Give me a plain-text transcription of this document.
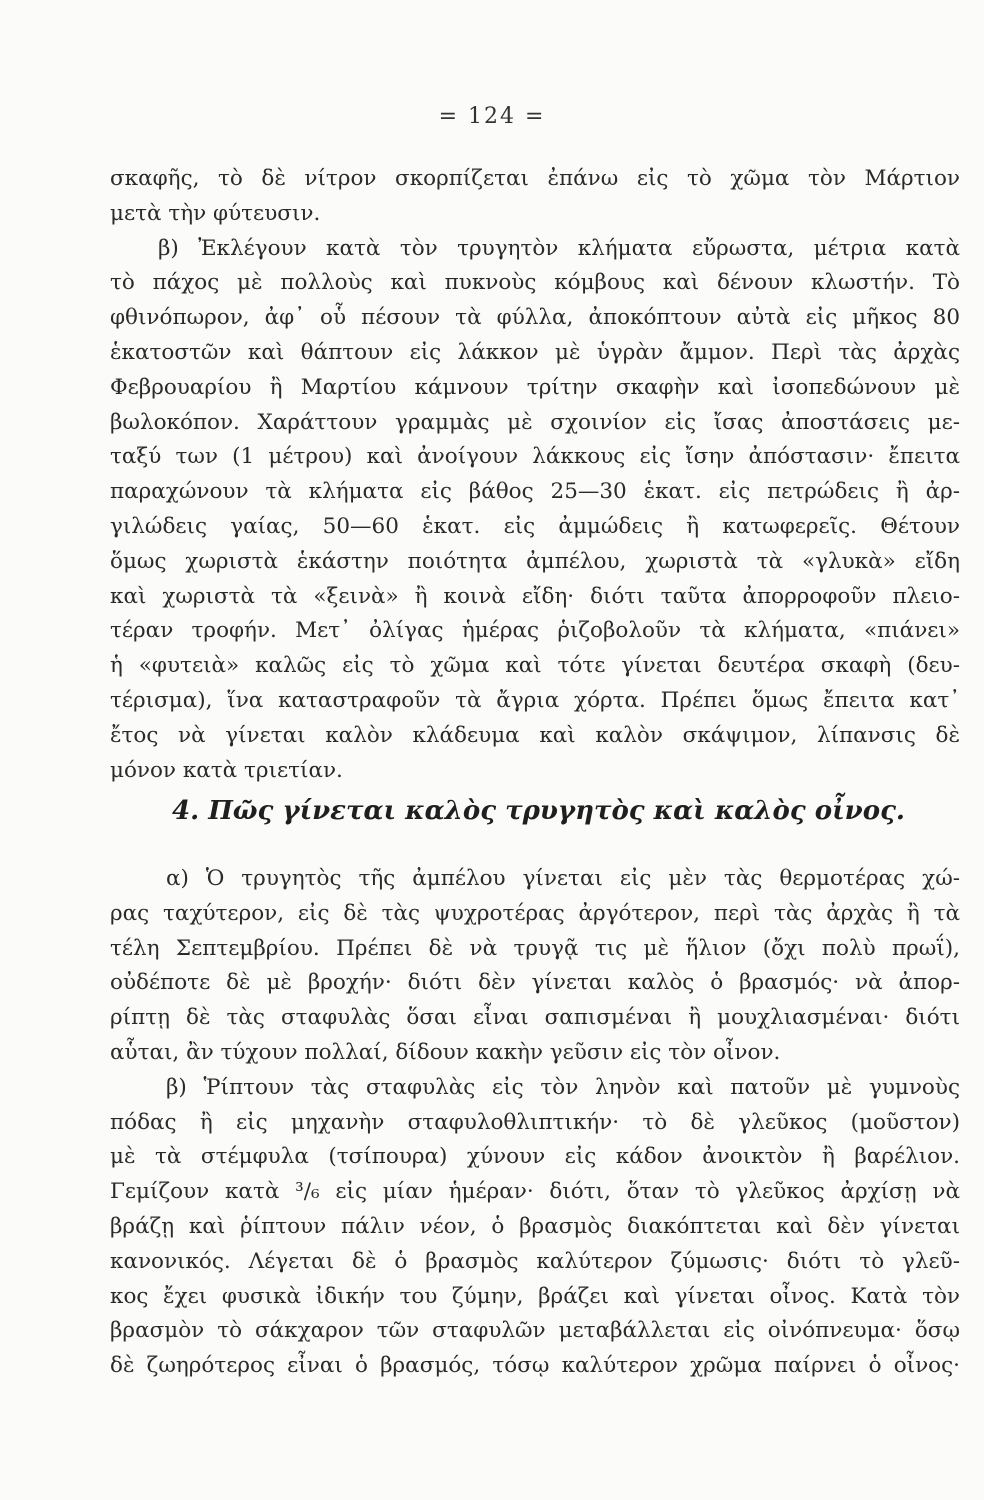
= 124 =
σκαφῆς, τὸ δὲ νίτρον σκορπίζεται ἐπάνω εἰς τὸ χῶμα τὸν Μάρτιον
μετὰ τὴν φύτευσιν.
β) Ἐκλέγουν κατὰ τὸν τρυγητὸν κλήματα εὔρωστα, μέτρια κατὰ
τὸ πάχος μὲ πολλοὺς καὶ πυκνοὺς κόμβους καὶ δένουν κλωστήν. Τὸ
φθινόπωρον, ἀφ᾽ οὗ πέσουν τὰ φύλλα, ἀποκόπτουν αὐτὰ εἰς μῆκος 80
ἑκατοστῶν καὶ θάπτουν εἰς λάκκον μὲ ὑγρὰν ἄμμον. Περὶ τὰς ἀρχὰς
Φεβρουαρίου ἢ Μαρτίου κάμνουν τρίτην σκαφὴν καὶ ἰσοπεδώνουν μὲ
βωλοκόπον. Χαράττουν γραμμὰς μὲ σχοινίον εἰς ἴσας ἀποστάσεις με-
ταξύ των (1 μέτρου) καὶ ἀνοίγουν λάκκους εἰς ἴσην ἀπόστασιν· ἔπειτα
παραχώνουν τὰ κλήματα εἰς βάθος 25—30 ἑκατ. εἰς πετρώδεις ἢ ἀρ-
γιλώδεις γαίας, 50—60 ἑκατ. εἰς ἀμμώδεις ἢ κατωφερεῖς. Θέτουν
ὅμως χωριστὰ ἑκάστην ποιότητα ἀμπέλου, χωριστὰ τὰ «γλυκὰ» εἴδη
καὶ χωριστὰ τὰ «ξεινὰ» ἢ κοινὰ εἴδη· διότι ταῦτα ἀπορροφοῦν πλειο-
τέραν τροφήν. Μετ᾽ ὀλίγας ἡμέρας ῥιζοβολοῦν τὰ κλήματα, «πιάνει»
ἡ «φυτειὰ» καλῶς εἰς τὸ χῶμα καὶ τότε γίνεται δευτέρα σκαφὴ (δευ-
τέρισμα), ἵνα καταστραφοῦν τὰ ἄγρια χόρτα. Πρέπει ὅμως ἔπειτα κατ᾽
ἔτος νὰ γίνεται καλὸν κλάδευμα καὶ καλὸν σκάψιμον, λίπανσις δὲ
μόνον κατὰ τριετίαν.
4. Πῶς γίνεται καλὸς τρυγητὸς καὶ καλὸς οἶνος.
α) Ὁ τρυγητὸς τῆς ἀμπέλου γίνεται εἰς μὲν τὰς θερμοτέρας χώ-
ρας ταχύτερον, εἰς δὲ τὰς ψυχροτέρας ἀργότερον, περὶ τὰς ἀρχὰς ἢ τὰ
τέλη Σεπτεμβρίου. Πρέπει δὲ νὰ τρυγᾷ τις μὲ ἥλιον (ὄχι πολὺ πρωΐ),
οὐδέποτε δὲ μὲ βροχήν· διότι δὲν γίνεται καλὸς ὁ βρασμός· νὰ ἀπορ-
ρίπτῃ δὲ τὰς σταφυλὰς ὅσαι εἶναι σαπισμέναι ἢ μουχλιασμέναι· διότι
αὗται, ἂν τύχουν πολλαί, δίδουν κακὴν γεῦσιν εἰς τὸν οἶνον.
β) Ῥίπτουν τὰς σταφυλὰς εἰς τὸν ληνὸν καὶ πατοῦν μὲ γυμνοὺς
πόδας ἢ εἰς μηχανὴν σταφυλοθλιπτικήν· τὸ δὲ γλεῦκος (μοῦστον)
μὲ τὰ στέμφυλα (τσίπουρα) χύνουν εἰς κάδον ἀνοικτὸν ἢ βαρέλιον.
Γεμίζουν κατὰ ³/₆ εἰς μίαν ἡμέραν· διότι, ὅταν τὸ γλεῦκος ἀρχίσῃ νὰ
βράζῃ καὶ ῥίπτουν πάλιν νέον, ὁ βρασμὸς διακόπτεται καὶ δὲν γίνεται
κανονικός. Λέγεται δὲ ὁ βρασμὸς καλύτερον ζύμωσις· διότι τὸ γλεῦ-
κος ἔχει φυσικὰ ἰδικήν του ζύμην, βράζει καὶ γίνεται οἶνος. Κατὰ τὸν
βρασμὸν τὸ σάκχαρον τῶν σταφυλῶν μεταβάλλεται εἰς οἰνόπνευμα· ὅσῳ
δὲ ζωηρότερος εἶναι ὁ βρασμός, τόσῳ καλύτερον χρῶμα παίρνει ὁ οἶνος·
